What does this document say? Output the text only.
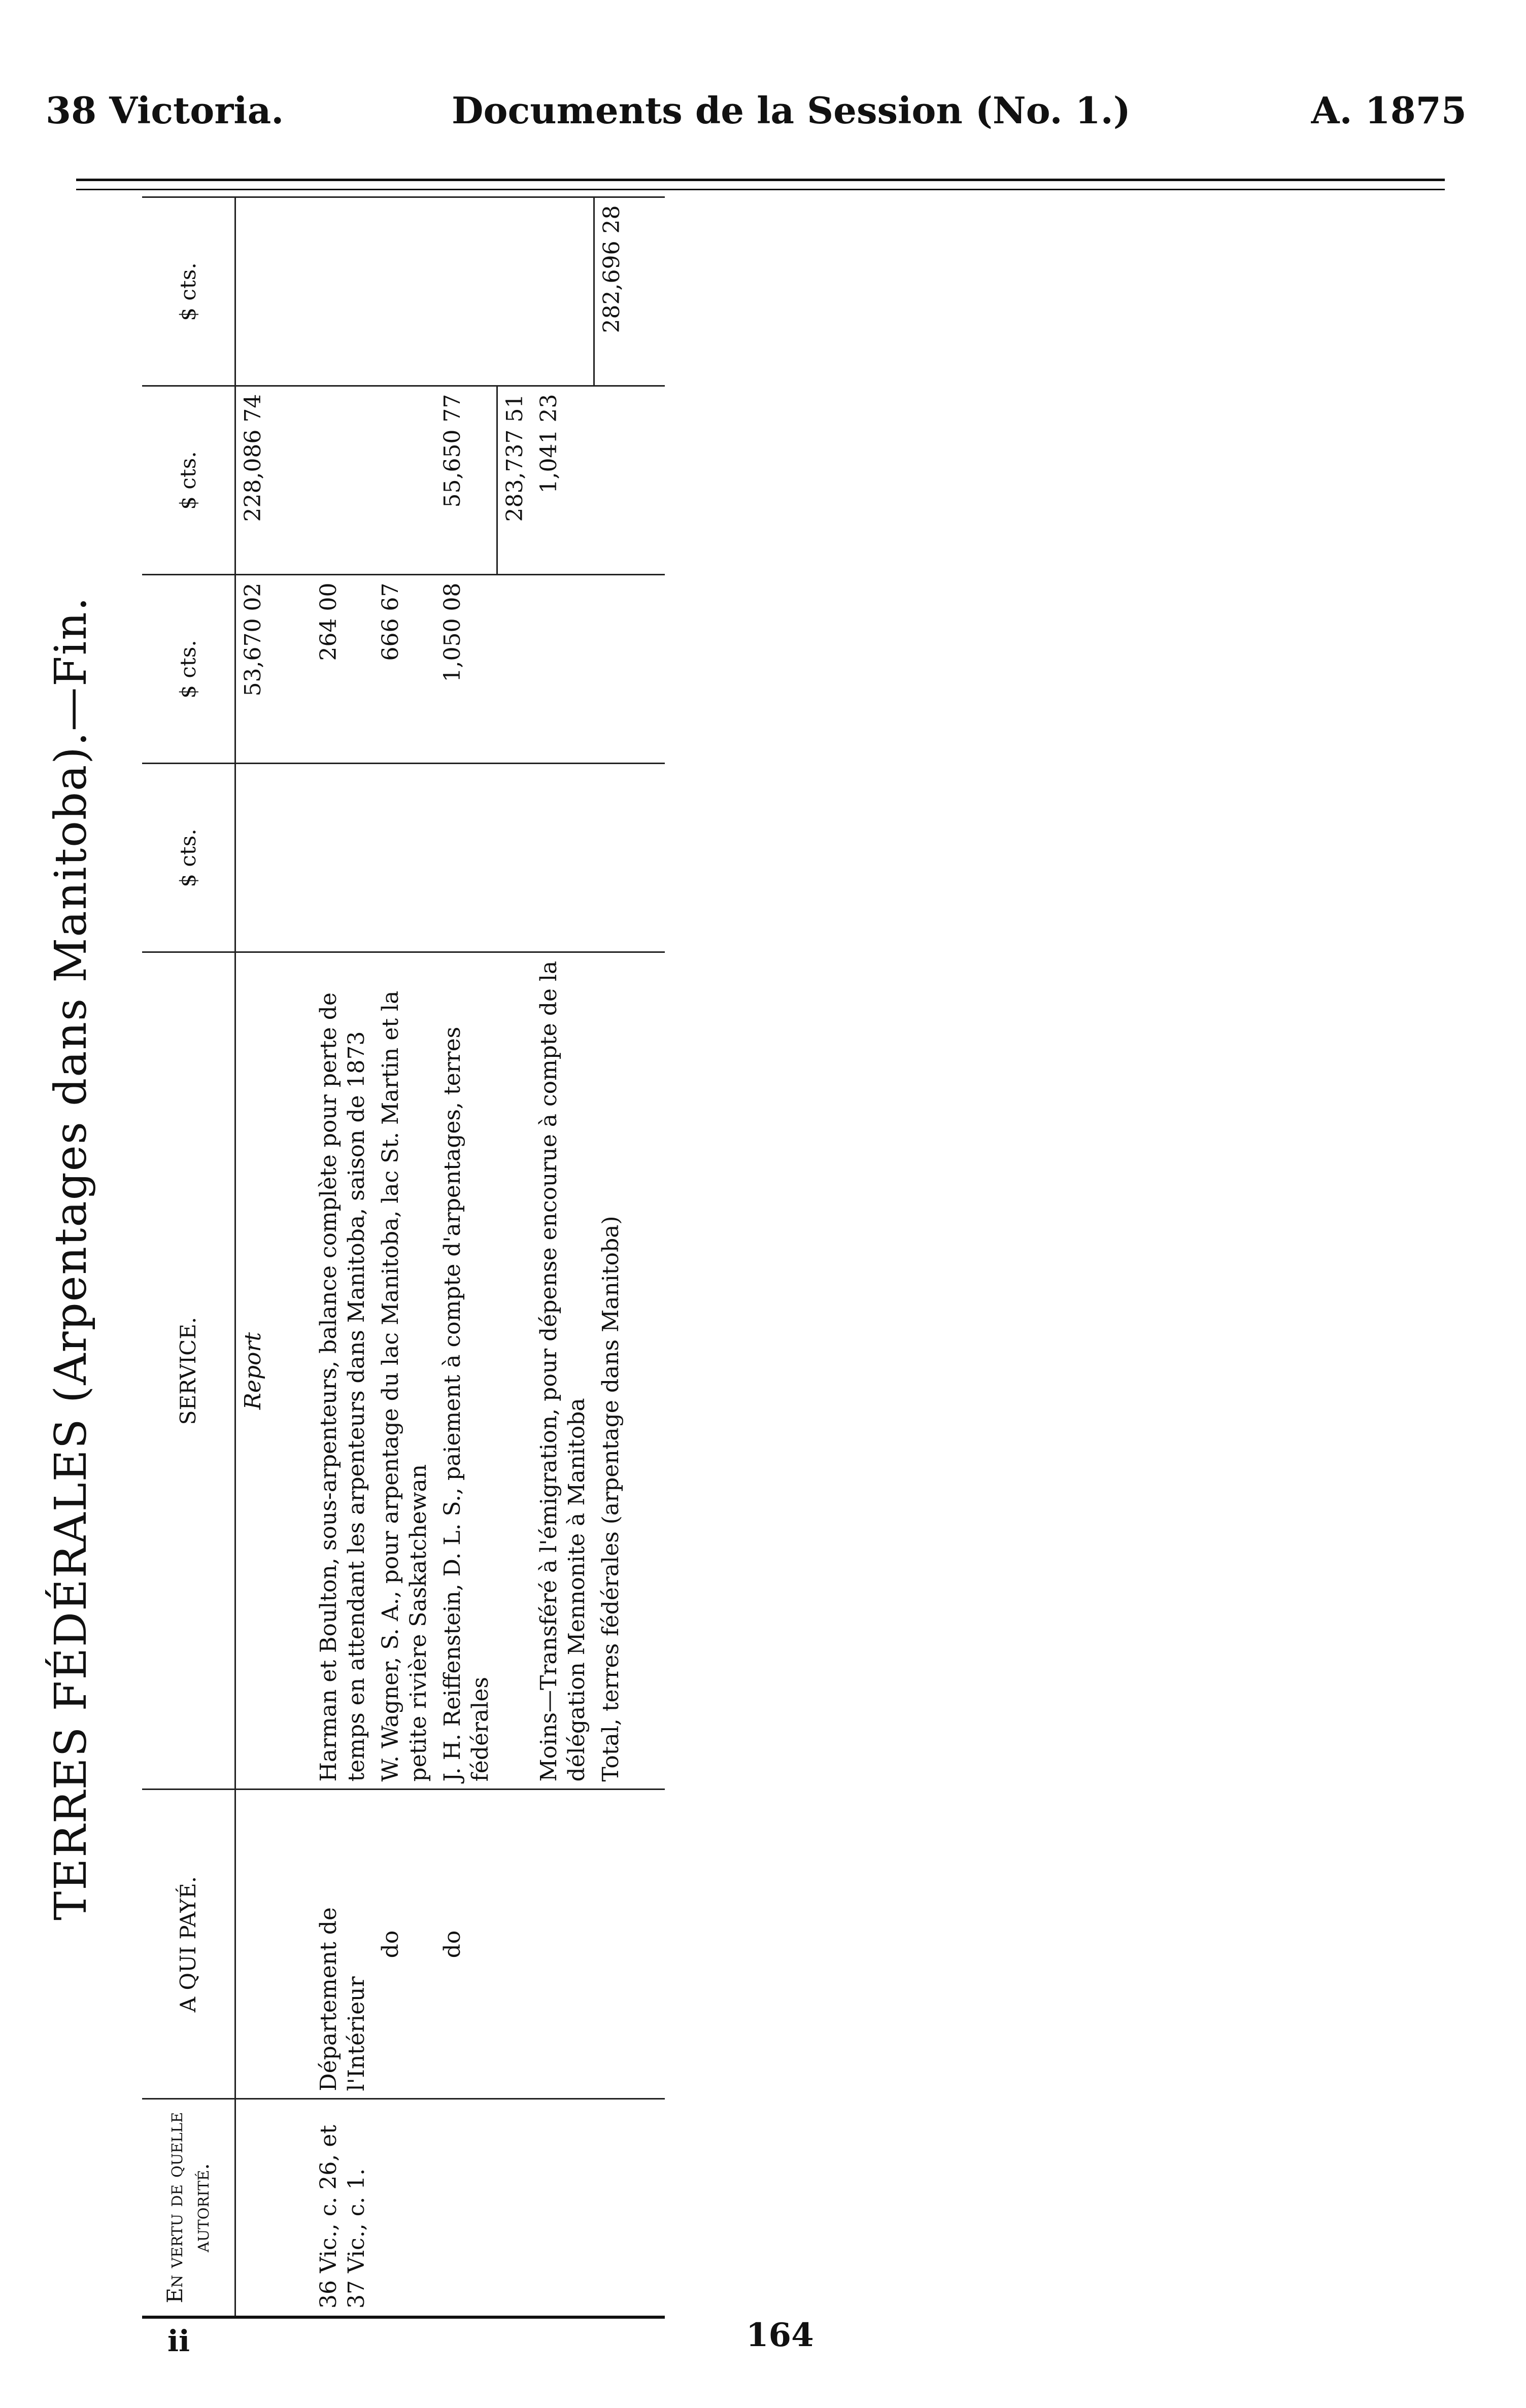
38 Victoria.	Documents de la Session (No. 1.)	A. 1875
TERRES FÉDÉRALES (Arpentages dans Manitoba).—Fin.
En vertu de quelle autorité.	A QUI PAYÉ.	SERVICE.	$ cts.	$ cts.	$ cts.	$ cts.
		Report		53,670 02	228,086 74	
36 Vic., c. 26, et 37 Vic., c. 1.	Département de l'Intérieur	Harman et Boulton, sous-arpenteurs, balance complète pour perte de temps en attendant les arpenteurs dans Manitoba, saison de 1873		264 00		
	do	W. Wagner, S. A., pour arpentage du lac Manitoba, lac St. Martin et la petite rivière Saskatchewan		666 67		
	do	J. H. Reiffenstein, D. L. S., paiement à compte d'arpentages, terres fédérales		1,050 08	55,650 77	
					283,737 51	
		Moins—Transféré à l'émigration, pour dépense encourue à compte de la délégation Mennonite à Manitoba			1,041 23	
		Total, terres fédérales (arpentage dans Manitoba)				282,696 28
ii	164
